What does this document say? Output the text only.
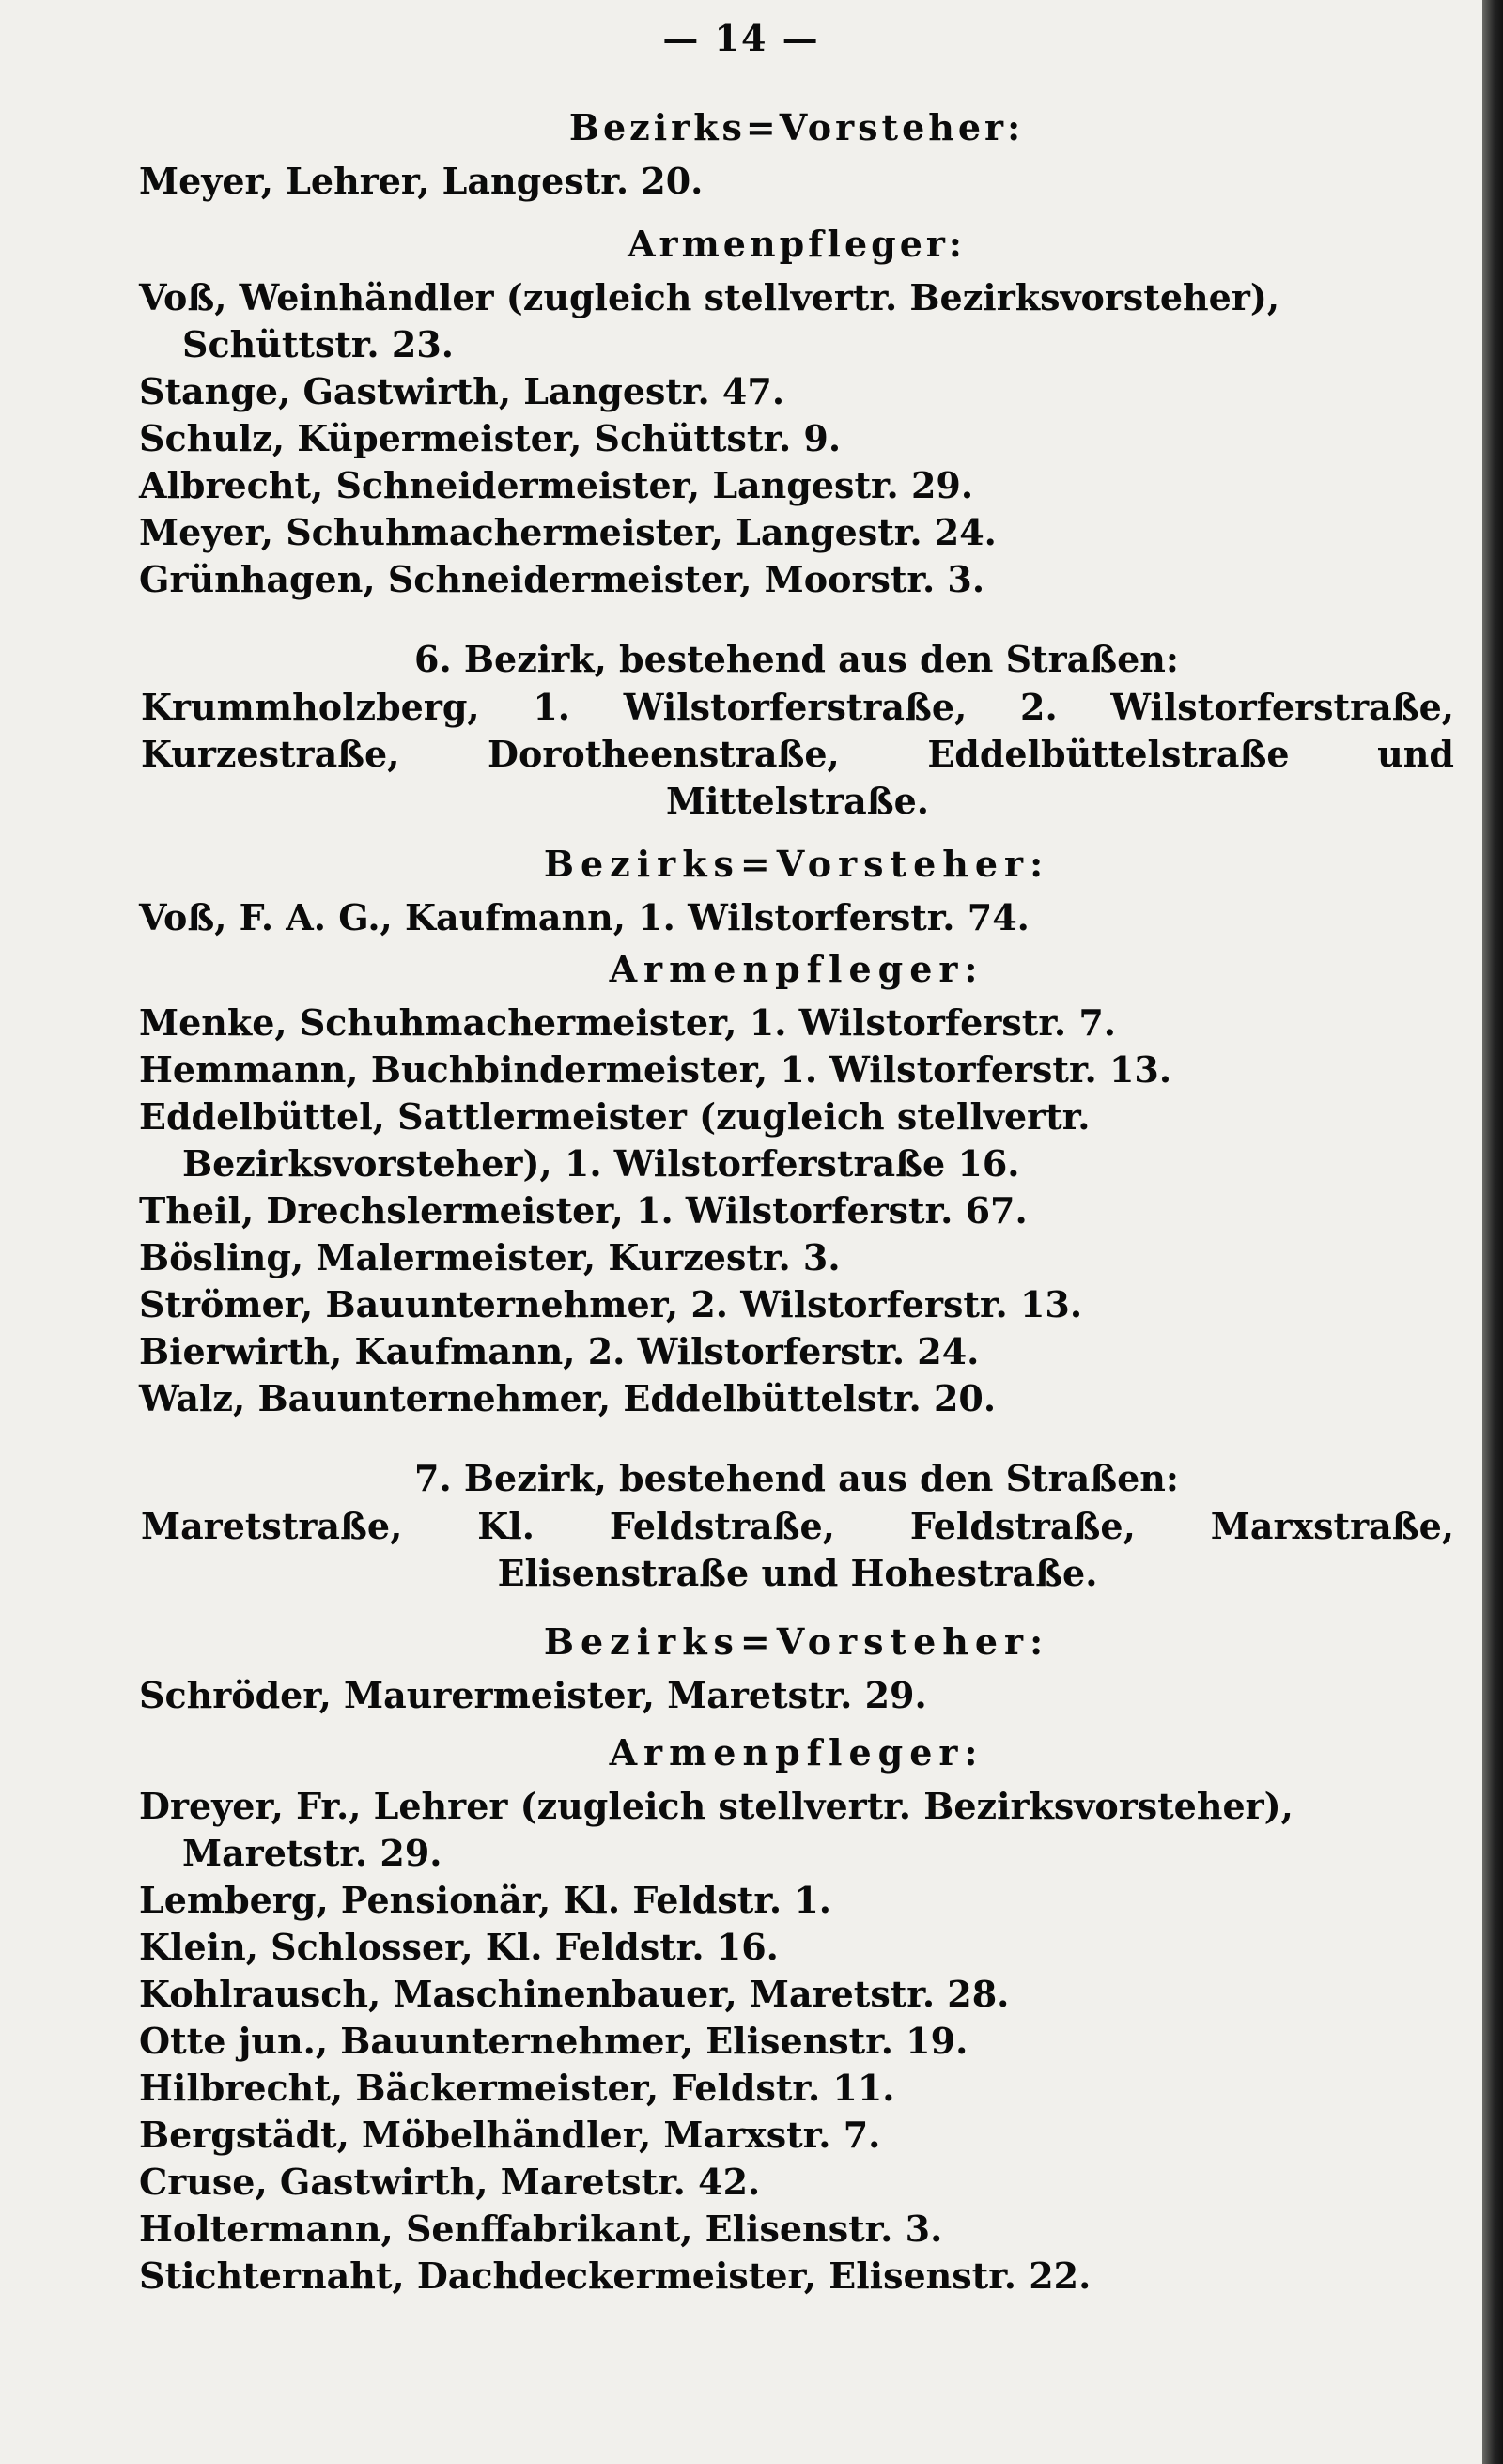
— 14 —
Bezirks=Vorsteher:
Meyer, Lehrer, Langestr. 20.
Armenpfleger:
Voß, Weinhändler (zugleich stellvertr. Bezirksvorsteher), Schüttstr. 23.
Stange, Gastwirth, Langestr. 47.
Schulz, Küpermeister, Schüttstr. 9.
Albrecht, Schneidermeister, Langestr. 29.
Meyer, Schuhmachermeister, Langestr. 24.
Grünhagen, Schneidermeister, Moorstr. 3.
6. Bezirk, bestehend aus den Straßen:
Krummholzberg, 1. Wilstorferstraße, 2. Wilstorferstraße, Kurzestraße, Dorotheenstraße, Eddelbüttelstraße und Mittelstraße.
Bezirks=Vorsteher:
Voß, F. A. G., Kaufmann, 1. Wilstorferstr. 74.
Armenpfleger:
Menke, Schuhmachermeister, 1. Wilstorferstr. 7.
Hemmann, Buchbindermeister, 1. Wilstorferstr. 13.
Eddelbüttel, Sattlermeister (zugleich stellvertr. Bezirksvorsteher), 1. Wilstorferstraße 16.
Theil, Drechslermeister, 1. Wilstorferstr. 67.
Bösling, Malermeister, Kurzestr. 3.
Strömer, Bauunternehmer, 2. Wilstorferstr. 13.
Bierwirth, Kaufmann, 2. Wilstorferstr. 24.
Walz, Bauunternehmer, Eddelbüttelstr. 20.
7. Bezirk, bestehend aus den Straßen:
Maretstraße, Kl. Feldstraße, Feldstraße, Marxstraße, Elisenstraße und Hohestraße.
Bezirks=Vorsteher:
Schröder, Maurermeister, Maretstr. 29.
Armenpfleger:
Dreyer, Fr., Lehrer (zugleich stellvertr. Bezirksvorsteher), Maretstr. 29.
Lemberg, Pensionär, Kl. Feldstr. 1.
Klein, Schlosser, Kl. Feldstr. 16.
Kohlrausch, Maschinenbauer, Maretstr. 28.
Otte jun., Bauunternehmer, Elisenstr. 19.
Hilbrecht, Bäckermeister, Feldstr. 11.
Bergstädt, Möbelhändler, Marxstr. 7.
Cruse, Gastwirth, Maretstr. 42.
Holtermann, Senffabrikant, Elisenstr. 3.
Stichternaht, Dachdeckermeister, Elisenstr. 22.
